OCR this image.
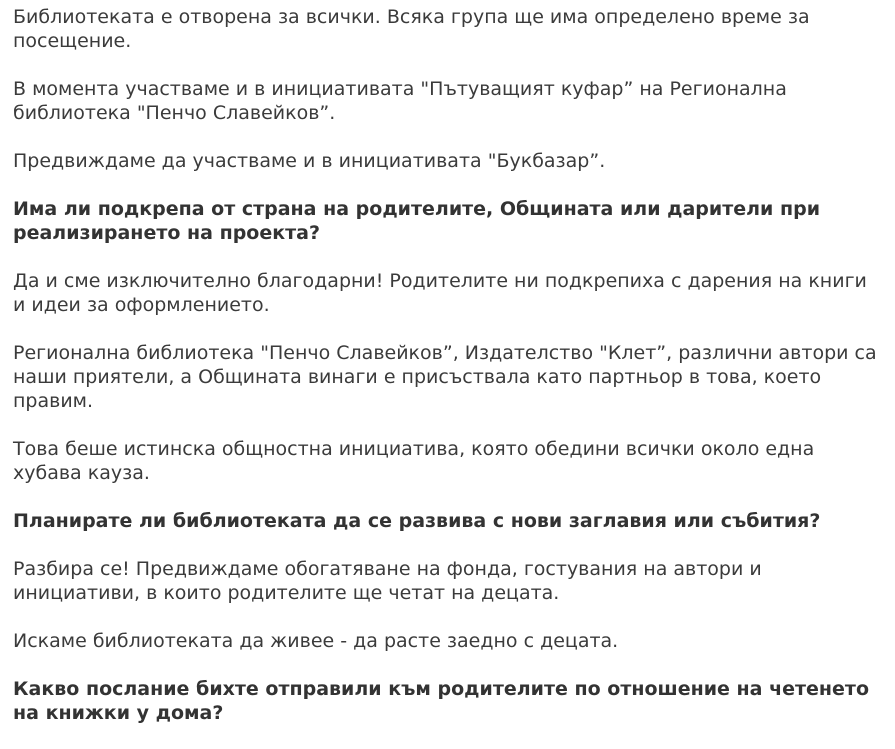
Библиотеката е отворена за всички. Всяка група ще има определено време за посещение.

В момента участваме и в инициативата "Пътуващият куфар” на Регионална библиотека "Пенчо Славейков”.

Предвиждаме да участваме и в инициативата "Букбазар”.

Има ли подкрепа от страна на родителите, Общината или дарители при реализирането на проекта?

Да и сме изключително благодарни! Родителите ни подкрепиха с дарения на книги и идеи за оформлението.

Регионална библиотека "Пенчо Славейков”, Издателство "Клет”, различни автори са наши приятели, а Общината винаги е присъствала като партньор в това, което правим.

Това беше истинска общностна инициатива, която обедини всички около една хубава кауза.

Планирате ли библиотеката да се развива с нови заглавия или събития?

Разбира се! Предвиждаме обогатяване на фонда, гостувания на автори и инициативи, в които родителите ще четат на децата.

Искаме библиотеката да живее - да расте заедно с децата.

Какво послание бихте отправили към родителите по отношение на четенето на книжки у дома?
